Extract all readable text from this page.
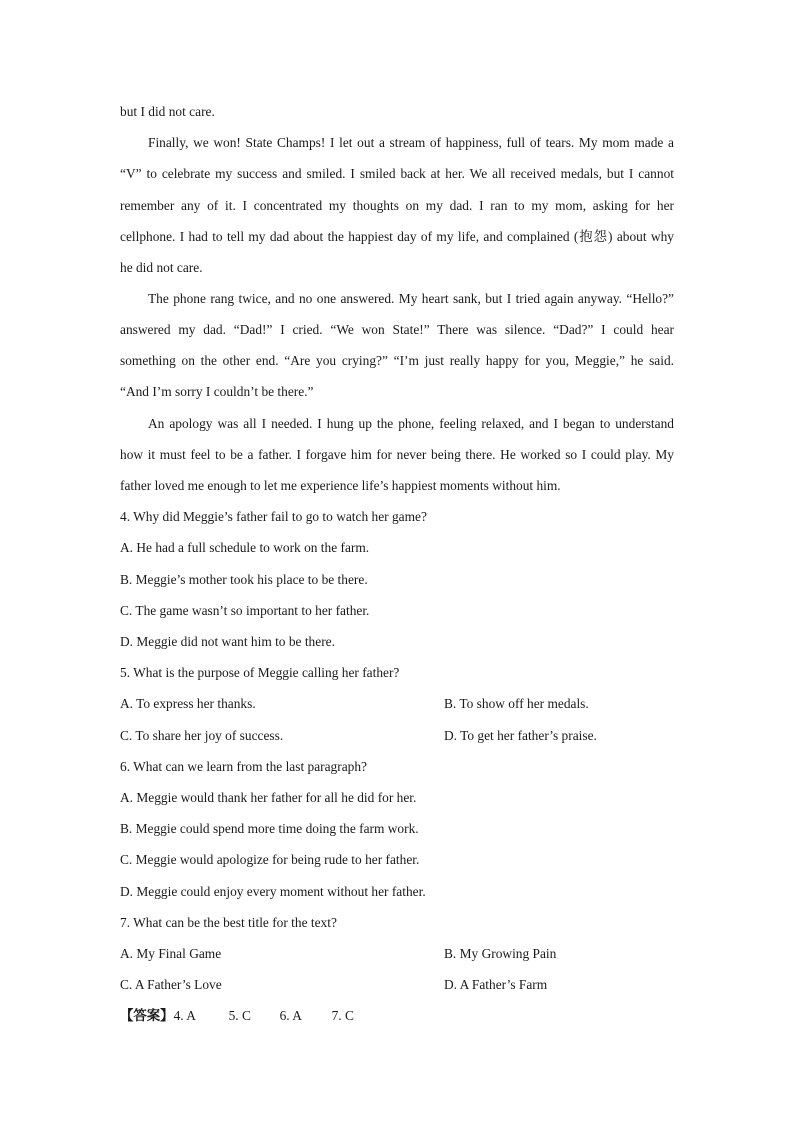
but I did not care.
Finally, we won! State Champs! I let out a stream of happiness, full of tears. My mom made a
“V” to celebrate my success and smiled. I smiled back at her. We all received medals, but I cannot
remember any of it. I concentrated my thoughts on my dad. I ran to my mom, asking for her
cellphone. I had to tell my dad about the happiest day of my life, and complained (抱怨) about why
he did not care.
The phone rang twice, and no one answered. My heart sank, but I tried again anyway. “Hello?”
answered my dad. “Dad!” I cried. “We won State!” There was silence. “Dad?” I could hear
something on the other end. “Are you crying?” “I’m just really happy for you, Meggie,” he said.
“And I’m sorry I couldn’t be there.”
An apology was all I needed. I hung up the phone, feeling relaxed, and I began to understand
how it must feel to be a father. I forgave him for never being there. He worked so I could play. My
father loved me enough to let me experience life’s happiest moments without him.
4. Why did Meggie’s father fail to go to watch her game?
A. He had a full schedule to work on the farm.
B. Meggie’s mother took his place to be there.
C. The game wasn’t so important to her father.
D. Meggie did not want him to be there.
5. What is the purpose of Meggie calling her father?
A. To express her thanks.	B. To show off her medals.
C. To share her joy of success.	D. To get her father’s praise.
6. What can we learn from the last paragraph?
A. Meggie would thank her father for all he did for her.
B. Meggie could spend more time doing the farm work.
C. Meggie would apologize for being rude to her father.
D. Meggie could enjoy every moment without her father.
7. What can be the best title for the text?
A. My Final Game	B. My Growing Pain
C. A Father’s Love	D. A Father’s Farm
【答案】4. A 5. C 6. A 7. C
